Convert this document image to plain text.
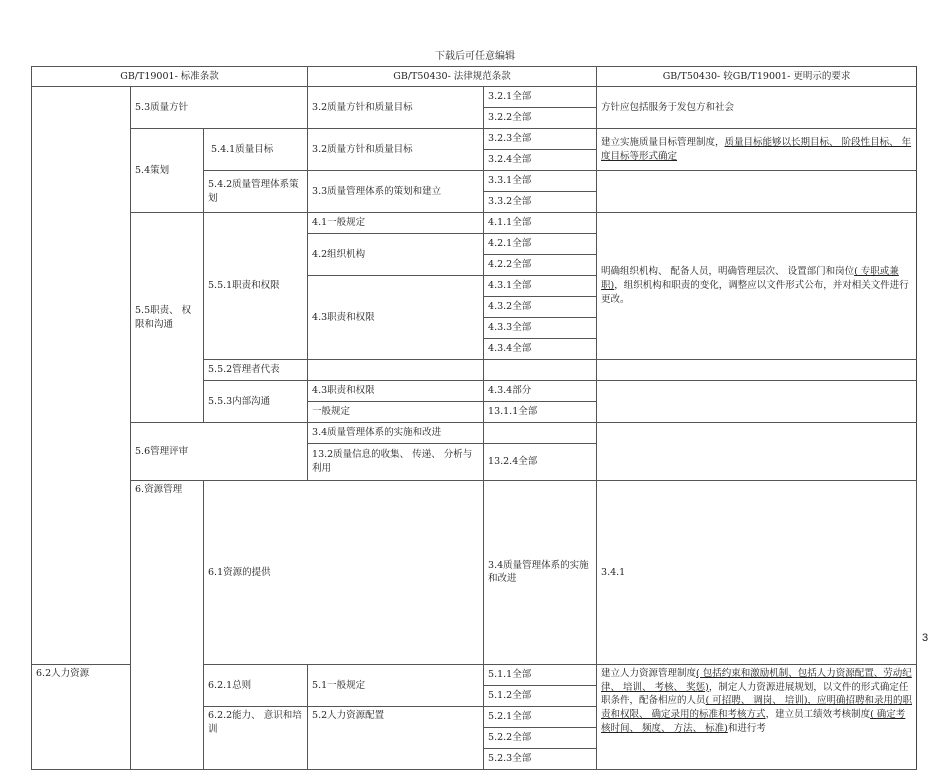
下载后可任意编辑
GB/T19001- 标准条款			GB/T50430- 法律规范条款		GB/T50430- 较GB/T19001- 更明示的要求	
	5.3质量方针		3.2质量方针和质量目标	3.2.1全部	方针应包括服务于发包方和社会	
				3.2.2全部		
	5.4策划	5.4.1质量目标	3.2质量方针和质量目标	3.2.3全部	建立实施质量目标管理制度，质量目标能够以长期目标、 阶段性目标、 年度目标等形式确定	
				3.2.4全部		
		5.4.2质量管理体系策划	3.3质量管理体系的策划和建立	3.3.1全部		
				3.3.2全部		
	5.5职责、 权限和沟通	5.5.1职责和权限	4.1一般规定	4.1.1全部	明确组织机构、 配备人员，明确管理层次、 设置部门和岗位( 专职或兼职)，组织机构和职责的变化，调整应以文件形式公布，并对相关文件进行更改。	
			4.2组织机构	4.2.1全部		
				4.2.2全部		
			4.3职责和权限	4.3.1全部		
				4.3.2全部		
				4.3.3全部		
				4.3.4全部		
		5.5.2管理者代表				
		5.5.3内部沟通	4.3职责和权限	4.3.4部分		
			一般规定	13.1.1全部		
	5.6管理评审		3.4质量管理体系的实施和改进			
			13.2质量信息的收集、 传递、 分析与利用	13.2.4全部		
	6.资源管理	6.1资源的提供		3.4质量管理体系的实施和改进	3.4.1	
6.2人力资源		6.2.1总则	5.1一般规定	5.1.1全部	建立人力资源管理制度( 包括约束和激励机制、包括人力资源配置、劳动纪律、 培训、 考核、 奖惩)，制定人力资源进展规划，以文件的形式确定任职条件，配备相应的人员( 可招聘、 调岗、 培训)，应明确招聘和录用的职责和权限、 确定录用的标准和考核方式，建立员工绩效考核制度( 确定考核时间、 频度、 方法、 标准)和进行考	

				5.1.2全部		
		6.2.2能力、 意识和培训	5.2人力资源配置	5.2.1全部		
				5.2.2全部		
				5.2.3全部		
3
